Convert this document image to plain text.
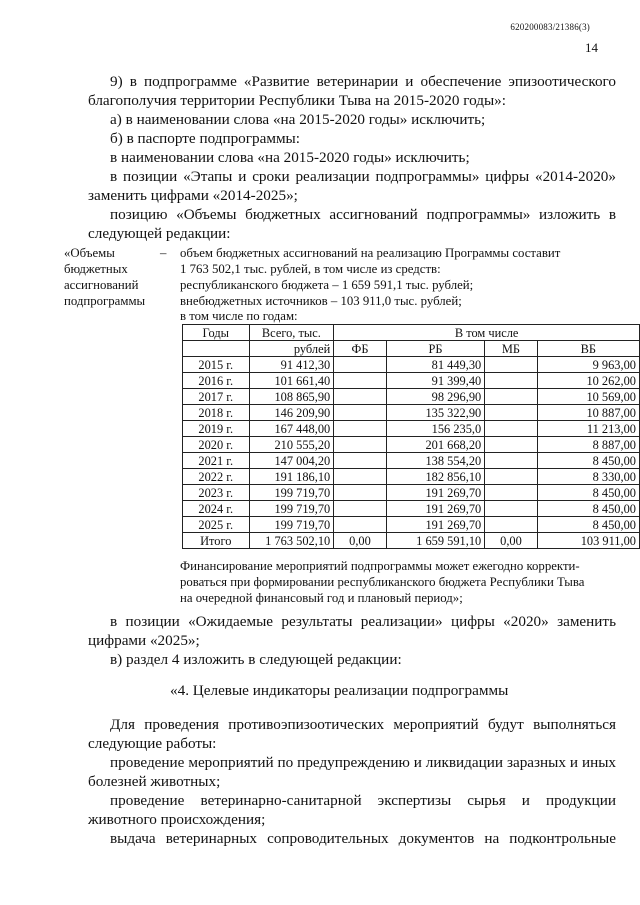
620200083/21386(3)
14

9) в подпрограмме «Развитие ветеринарии и обеспечение эпизоотического

благополучия территории Республики Тыва на 2015-2020 годы»:

а) в наименовании слова «на 2015-2020 годы» исключить;

б) в паспорте подпрограммы:

в наименовании слова «на 2015-2020 годы» исключить;

в позиции «Этапы и сроки реализации подпрограммы» цифры «2014-2020»

заменить цифрами «2014-2025»;

позицию «Объемы бюджетных ассигнований подпрограммы» изложить в

следующей редакции:

«Объемы
бюджетных
ассигнований
подпрограммы
– объем бюджетных ассигнований на реализацию Программы составит

1 763 502,1 тыс. рублей, в том числе из средств:

республиканского бюджета – 1 659 591,1 тыс. рублей;

внебюджетных источников – 103 911,0 тыс. рублей;

в том числе по годам:

Годы	Всего, тыс.	В том числе			
	рублей	ФБ	РБ	МБ	ВБ
2015 г.	91 412,30		81 449,30		9 963,00
2016 г.	101 661,40		91 399,40		10 262,00
2017 г.	108 865,90		98 296,90		10 569,00
2018 г.	146 209,90		135 322,90		10 887,00
2019 г.	167 448,00		156 235,0		11 213,00
2020 г.	210 555,20		201 668,20		8 887,00
2021 г.	147 004,20		138 554,20		8 450,00
2022 г.	191 186,10		182 856,10		8 330,00
2023 г.	199 719,70		191 269,70		8 450,00
2024 г.	199 719,70		191 269,70		8 450,00
2025 г.	199 719,70		191 269,70		8 450,00
Итого	1 763 502,10	0,00	1 659 591,10	0,00	103 911,00

Финансирование мероприятий подпрограммы может ежегодно корректи-
роваться при формировании республиканского бюджета Республики Тыва
на очередной финансовый год и плановый период»;

в позиции «Ожидаемые результаты реализации» цифры «2020» заменить

цифрами «2025»;

в) раздел 4 изложить в следующей редакции:

«4. Целевые индикаторы реализации подпрограммы

Для проведения противоэпизоотических мероприятий будут выполняться

следующие работы:

проведение мероприятий по предупреждению и ликвидации заразных и иных

болезней животных;

проведение ветеринарно-санитарной экспертизы сырья и продукции

животного происхождения;

выдача ветеринарных сопроводительных документов на подконтрольные
